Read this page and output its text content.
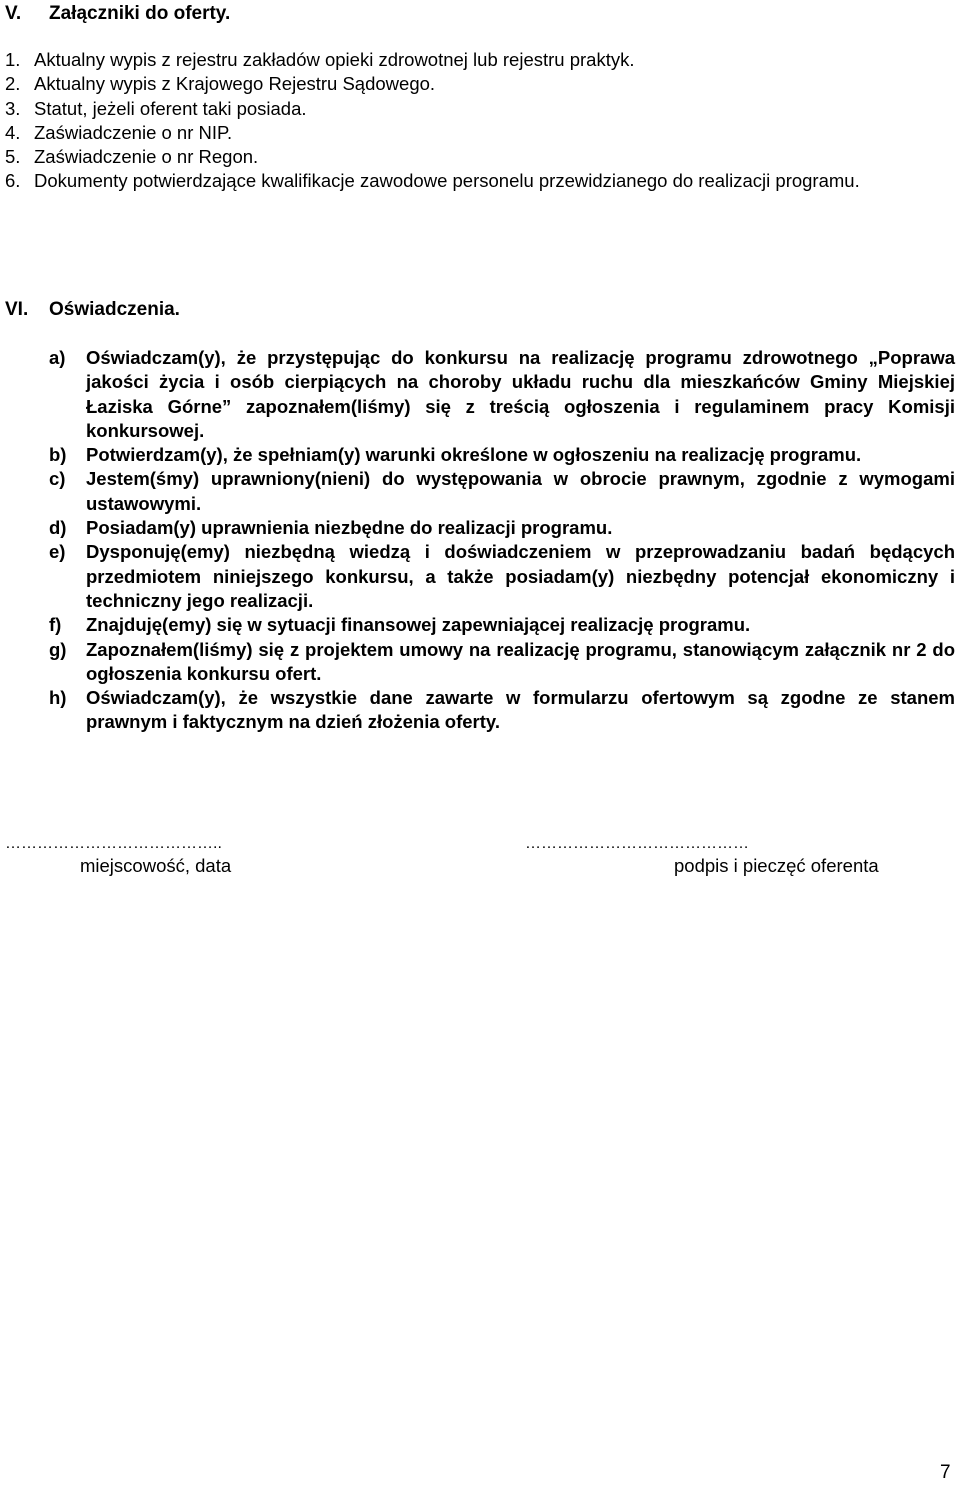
V. Załączniki do oferty.
1. Aktualny wypis z rejestru zakładów opieki zdrowotnej lub rejestru praktyk.
2. Aktualny wypis z Krajowego Rejestru Sądowego.
3. Statut, jeżeli oferent taki posiada.
4. Zaświadczenie o nr NIP.
5. Zaświadczenie o nr Regon.
6. Dokumenty potwierdzające kwalifikacje zawodowe personelu przewidzianego do realizacji programu.
VI. Oświadczenia.
a) Oświadczam(y), że przystępując do konkursu na realizację programu zdrowotnego „Poprawa jakości życia i osób cierpiących na choroby układu ruchu dla mieszkańców Gminy Miejskiej Łaziska Górne” zapoznałem(liśmy) się z treścią ogłoszenia i regulaminem pracy Komisji konkursowej.
b) Potwierdzam(y), że spełniam(y) warunki określone w ogłoszeniu na realizację programu.
c) Jestem(śmy) uprawniony(nieni) do występowania w obrocie prawnym, zgodnie z wymogami ustawowymi.
d) Posiadam(y) uprawnienia niezbędne do realizacji programu.
e) Dysponuję(emy) niezbędną wiedzą i doświadczeniem w przeprowadzaniu badań będących przedmiotem niniejszego konkursu, a także posiadam(y) niezbędny potencjał ekonomiczny i techniczny jego realizacji.
f) Znajduję(emy) się w sytuacji finansowej zapewniającej realizację programu.
g) Zapoznałem(liśmy) się z projektem umowy na realizację programu, stanowiącym załącznik nr 2 do ogłoszenia konkursu ofert.
h) Oświadczam(y), że wszystkie dane zawarte w formularzu ofertowym są zgodne ze stanem prawnym i faktycznym na dzień złożenia oferty.
…………………………………..
miejscowość, data
……………………………………
podpis i pieczęć oferenta
7
